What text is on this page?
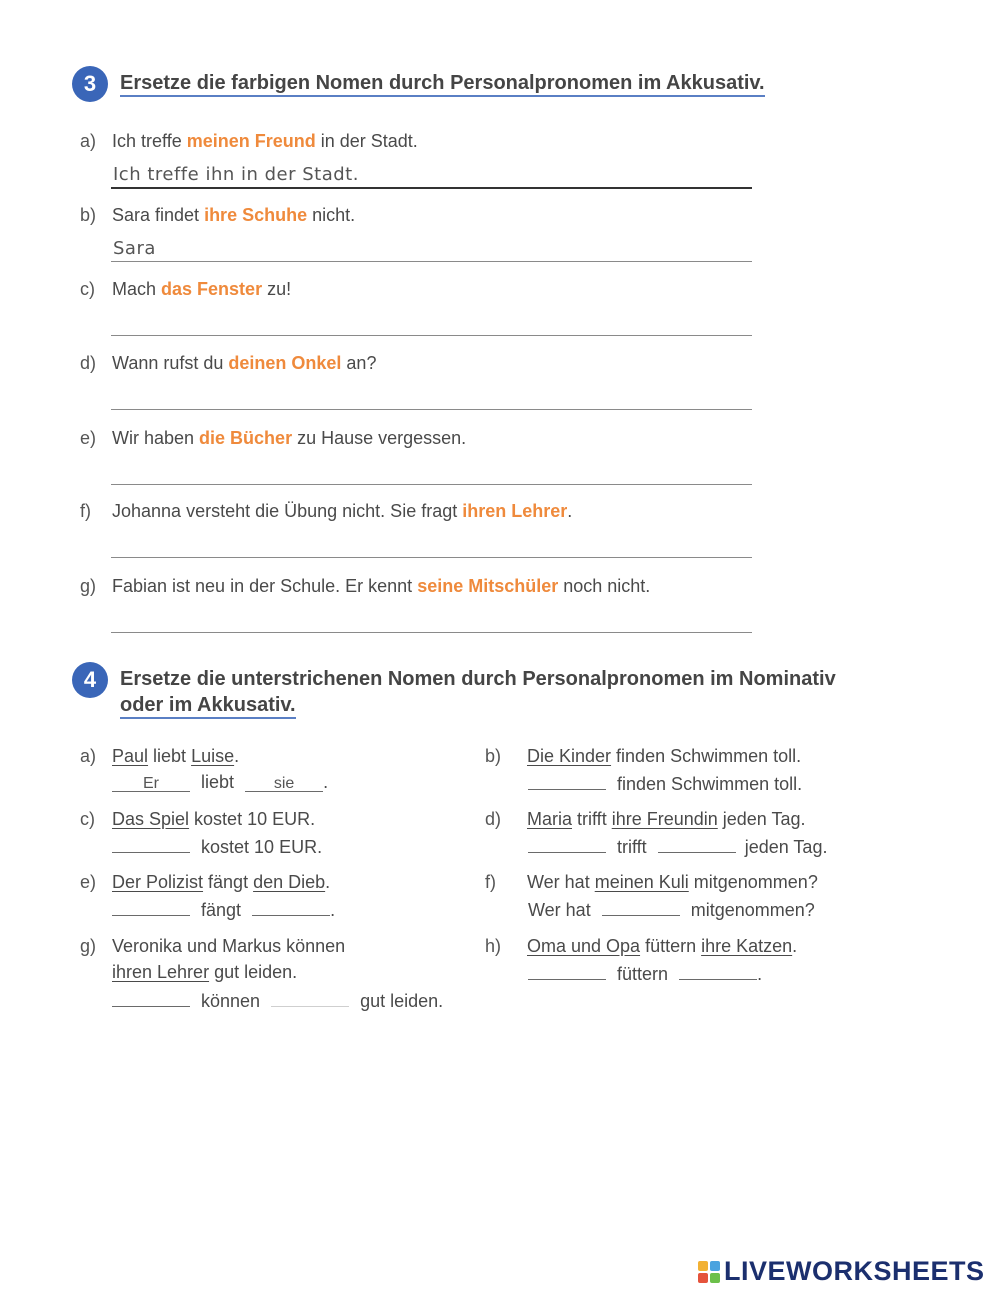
3	Ersetze die farbigen Nomen durch Personalpronomen im Akkusativ.
a) Ich treffe meinen Freund in der Stadt.
Ich treffe ihn in der Stadt.
b) Sara findet ihre Schuhe nicht.
Sara
c) Mach das Fenster zu!
d) Wann rufst du deinen Onkel an?
e) Wir haben die Bücher zu Hause vergessen.
f) Johanna versteht die Übung nicht. Sie fragt ihren Lehrer.
g) Fabian ist neu in der Schule. Er kennt seine Mitschüler noch nicht.
4	Ersetze die unterstrichenen Nomen durch Personalpronomen im Nominativ
oder im Akkusativ.
a) Paul liebt Luise.
Er liebt sie .
b) Die Kinder finden Schwimmen toll.
finden Schwimmen toll.
c) Das Spiel kostet 10 EUR.
kostet 10 EUR.
d) Maria trifft ihre Freundin jeden Tag.
trifft	jeden Tag.
e) Der Polizist fängt den Dieb.
fängt	.
f) Wer hat meinen Kuli mitgenommen?
Wer hat	mitgenommen?
g) Veronika und Markus können
ihren Lehrer gut leiden.
können	gut leiden.
h) Oma und Opa füttern ihre Katzen.
füttern	.
LIVEWORKSHEETS
